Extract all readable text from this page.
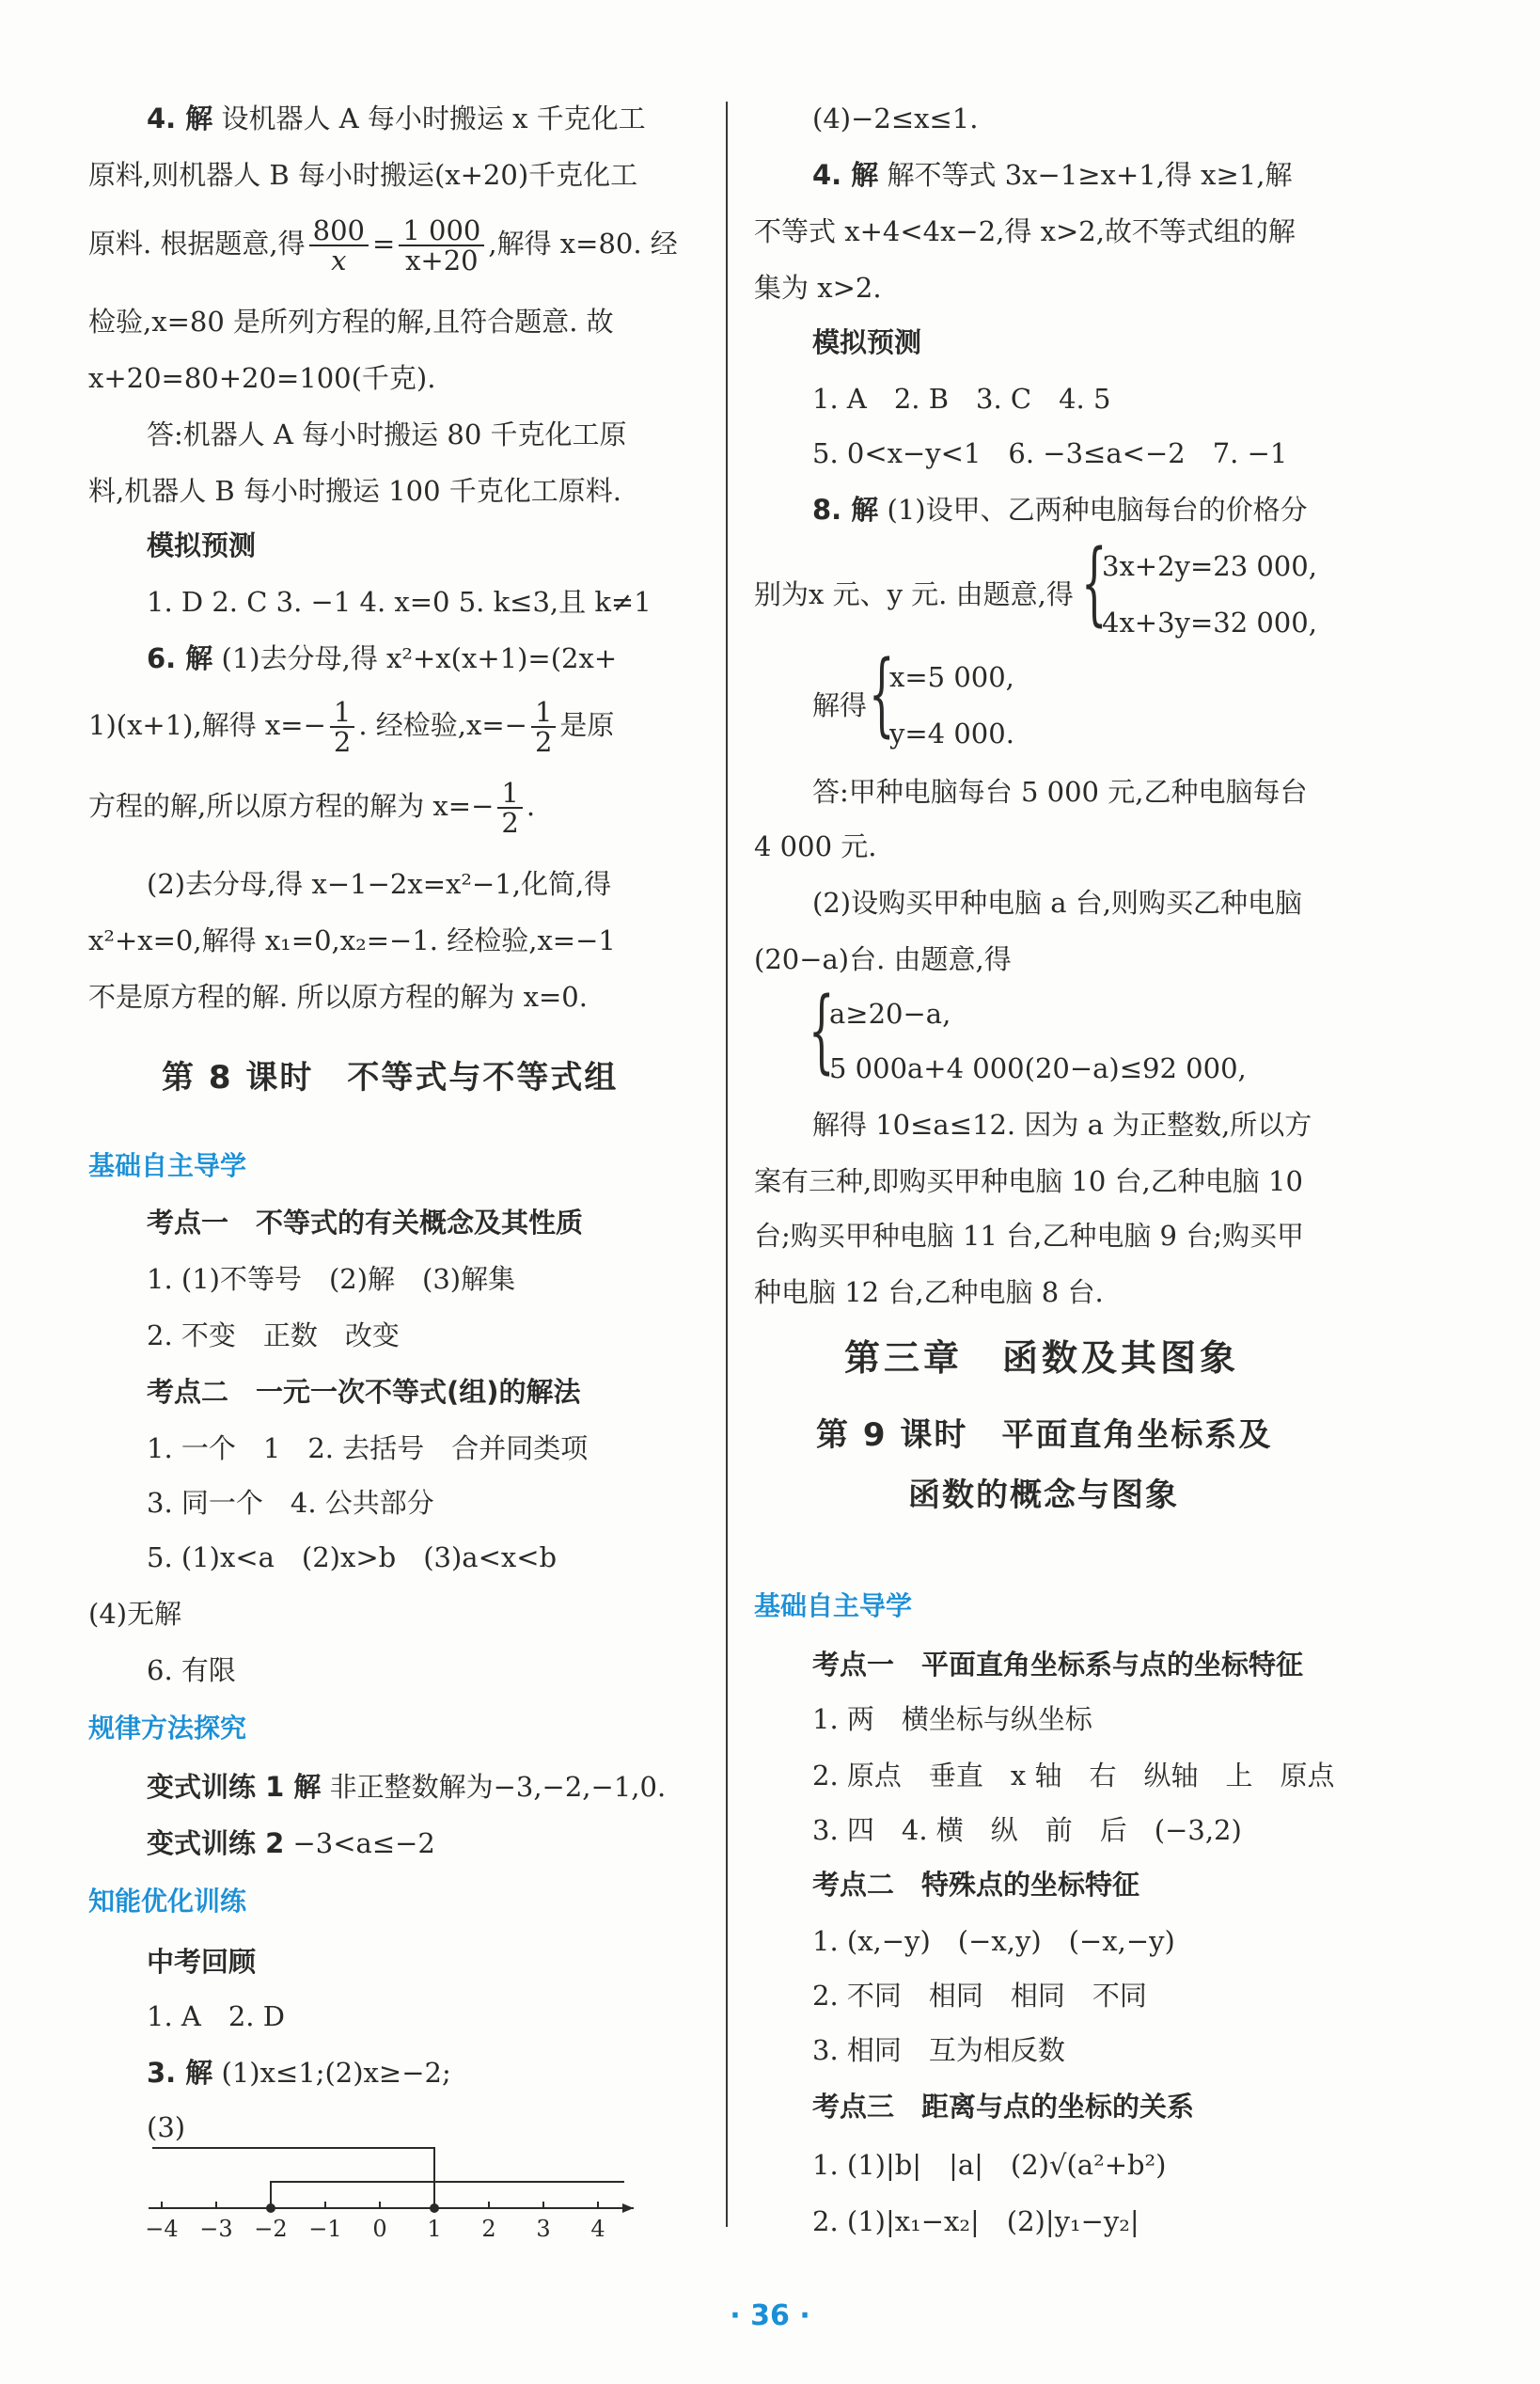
4. 解 设机器人 A 每小时搬运 x 千克化工
原料,则机器人 B 每小时搬运(x+20)千克化工
原料. 根据题意,得 $\frac{800}{x} = \frac{1 000}{x+20}$ ,解得 x=80. 经
检验,x=80 是所列方程的解,且符合题意. 故
x+20=80+20=100(千克).
答:机器人 A 每小时搬运 80 千克化工原
料,机器人 B 每小时搬运 100 千克化工原料.
模拟预测
1. D 2. C 3. −1 4. x=0 5. k≤3,且 k≠1
6. 解 (1)去分母,得 x²+x(x+1)=(2x+
1)(x+1),解得 $x=- \frac{1}{2}$ . 经检验$,x=- \frac{1}{2}$ 是原
方程的解,所以原方程的解为 $x=- \frac{1}{2}$ .
(2)去分母,得 x−1−2x=x²−1,化简,得
x²+x=0,解得 x₁=0,x₂=−1. 经检验,x=−1
不是原方程的解. 所以原方程的解为 x=0.
第 8 课时　不等式与不等式组
基础自主导学
考点一　不等式的有关概念及其性质
1. (1)不等号　(2)解　(3)解集
2. 不变　正数　改变
考点二　一元一次不等式(组)的解法
1. 一个　1　2. 去括号　合并同类项
3. 同一个　4. 公共部分
5. (1)x<a　(2)x>b　(3)a<x<b
(4)无解
6. 有限
规律方法探究
变式训练 1 解 非正整数解为−3,−2,−1,0.
变式训练 2 −3<a≤−2
知能优化训练
中考回顾
1. A　2. D
3. 解 (1)x≤1;(2)x≥−2;
(3)
−4 −3 −2 −1 0 1 2 3 4
(4)−2≤x≤1.
4. 解 解不等式 3x−1≥x+1,得 x≥1,解
不等式 x+4<4x−2,得 x>2,故不等式组的解
集为 x>2.
模拟预测
1. A　2. B　3. C　4. 5
5. 0<x−y<1　6. −3≤a<−2　7. −1
8. 解 (1)设甲、乙两种电脑每台的价格分
别为x 元、y 元. 由题意,得 {
3x+2y=23 000,
4x+3y=32 000,
解得 {
x=5 000,
y=4 000.
答:甲种电脑每台 5 000 元,乙种电脑每台
4 000 元.
(2)设购买甲种电脑 a 台,则购买乙种电脑
(20−a)台. 由题意,得
{
a≥20−a,
5 000a+4 000(20−a)≤92 000,
解得 10≤a≤12. 因为 a 为正整数,所以方
案有三种,即购买甲种电脑 10 台,乙种电脑 10
台;购买甲种电脑 11 台,乙种电脑 9 台;购买甲
种电脑 12 台,乙种电脑 8 台.
第三章　函数及其图象
第 9 课时　平面直角坐标系及
函数的概念与图象
基础自主导学
考点一　平面直角坐标系与点的坐标特征
1. 两　横坐标与纵坐标
2. 原点　垂直　x 轴　右　纵轴　上　原点
3. 四　4. 横　纵　前　后　(−3,2)
考点二　特殊点的坐标特征
1. (x,−y)　(−x,y)　(−x,−y)
2. 不同　相同　相同　不同
3. 相同　互为相反数
考点三　距离与点的坐标的关系
1. (1)|b|　|a|　(2)√(a²+b²)
2. (1)|x₁−x₂|　(2)|y₁−y₂|
· 36 ·
